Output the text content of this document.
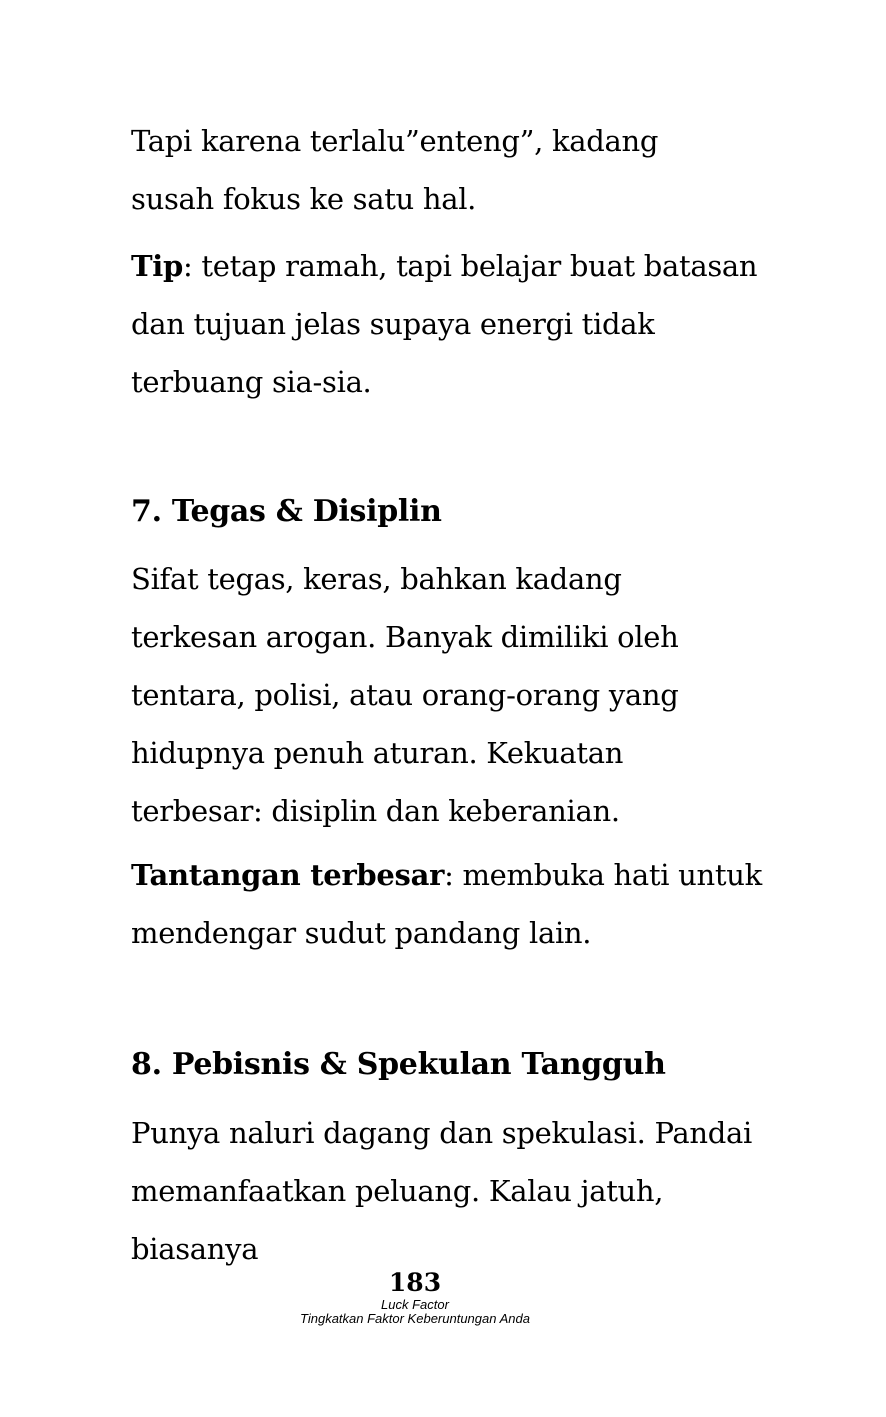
Tapi karena terlalu”enteng”, kadang susah fokus ke satu hal.

Tip: tetap ramah, tapi belajar buat batasan dan tujuan jelas supaya energi tidak terbuang sia-sia.

7. Tegas & Disiplin

Sifat tegas, keras, bahkan kadang terkesan arogan. Banyak dimiliki oleh tentara, polisi, atau orang-orang yang hidupnya penuh aturan. Kekuatan terbesar: disiplin dan keberanian.

Tantangan terbesar: membuka hati untuk mendengar sudut pandang lain.

8. Pebisnis & Spekulan Tangguh

Punya naluri dagang dan spekulasi. Pandai memanfaatkan peluang. Kalau jatuh, biasanya

183
Luck Factor
Tingkatkan Faktor Keberuntungan Anda
